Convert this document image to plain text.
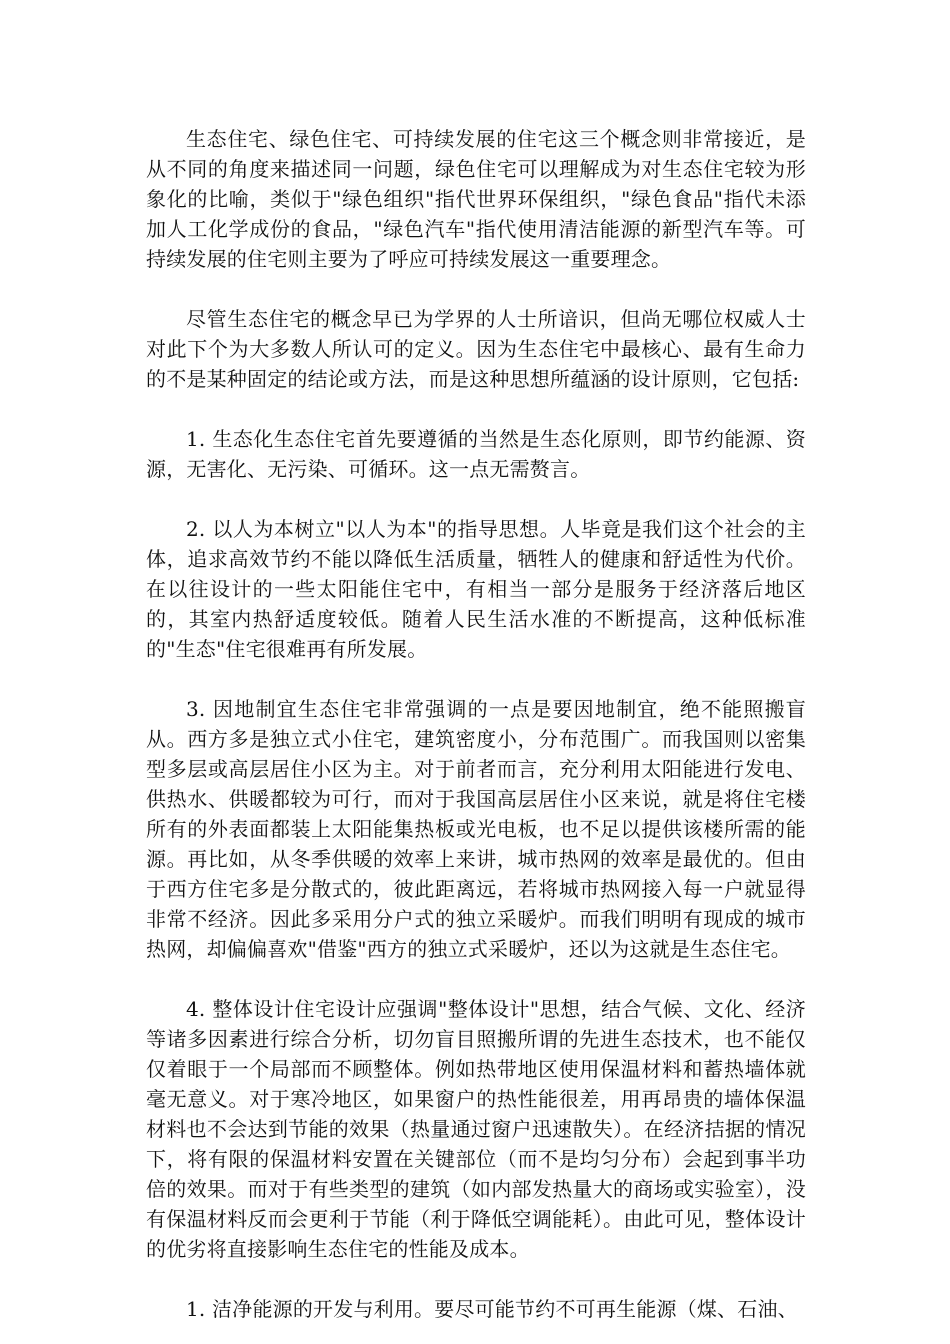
生态住宅、绿色住宅、可持续发展的住宅这三个概念则非常接近，是从不同的角度来描述同一问题，绿色住宅可以理解成为对生态住宅较为形象化的比喻，类似于"绿色组织"指代世界环保组织，"绿色食品"指代未添加人工化学成份的食品，"绿色汽车"指代使用清洁能源的新型汽车等。可持续发展的住宅则主要为了呼应可持续发展这一重要理念。

尽管生态住宅的概念早已为学界的人士所谙识，但尚无哪位权威人士对此下个为大多数人所认可的定义。因为生态住宅中最核心、最有生命力的不是某种固定的结论或方法，而是这种思想所蕴涵的设计原则，它包括:

1. 生态化生态住宅首先要遵循的当然是生态化原则，即节约能源、资源，无害化、无污染、可循环。这一点无需赘言。

2. 以人为本树立"以人为本"的指导思想。人毕竟是我们这个社会的主体，追求高效节约不能以降低生活质量，牺牲人的健康和舒适性为代价。在以往设计的一些太阳能住宅中，有相当一部分是服务于经济落后地区的，其室内热舒适度较低。随着人民生活水准的不断提高，这种低标准的"生态"住宅很难再有所发展。

3. 因地制宜生态住宅非常强调的一点是要因地制宜，绝不能照搬盲从。西方多是独立式小住宅，建筑密度小，分布范围广。而我国则以密集型多层或高层居住小区为主。对于前者而言，充分利用太阳能进行发电、供热水、供暖都较为可行，而对于我国高层居住小区来说，就是将住宅楼所有的外表面都装上太阳能集热板或光电板，也不足以提供该楼所需的能源。再比如，从冬季供暖的效率上来讲，城市热网的效率是最优的。但由于西方住宅多是分散式的，彼此距离远，若将城市热网接入每一户就显得非常不经济。因此多采用分户式的独立采暖炉。而我们明明有现成的城市热网，却偏偏喜欢"借鉴"西方的独立式采暖炉，还以为这就是生态住宅。

4. 整体设计住宅设计应强调"整体设计"思想，结合气候、文化、经济等诸多因素进行综合分析，切勿盲目照搬所谓的先进生态技术，也不能仅仅着眼于一个局部而不顾整体。例如热带地区使用保温材料和蓄热墙体就毫无意义。对于寒冷地区，如果窗户的热性能很差，用再昂贵的墙体保温材料也不会达到节能的效果（热量通过窗户迅速散失）。在经济拮据的情况下，将有限的保温材料安置在关键部位（而不是均匀分布）会起到事半功倍的效果。而对于有些类型的建筑（如内部发热量大的商场或实验室），没有保温材料反而会更利于节能（利于降低空调能耗）。由此可见，整体设计的优劣将直接影响生态住宅的性能及成本。

1. 洁净能源的开发与利用。要尽可能节约不可再生能源（煤、石油、
